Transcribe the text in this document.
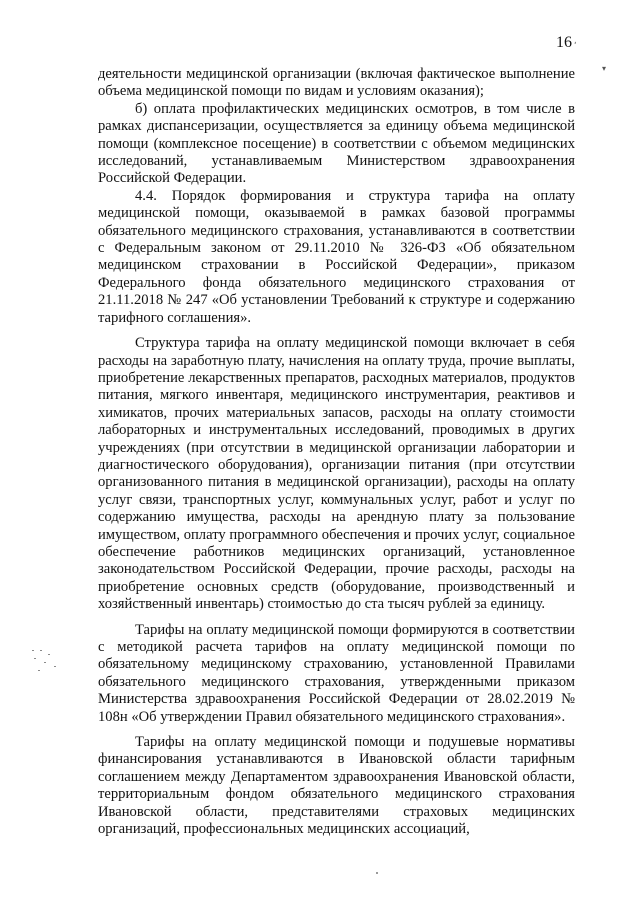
16 ʹ
▾

деятельности медицинской организации (включая фактическое выполнение объема медицинской помощи по видам и условиям оказания);

б) оплата профилактических медицинских осмотров, в том числе в рамках диспансеризации, осуществляется за единицу объема медицинской помощи (комплексное посещение) в соответствии с объемом медицинских исследований, устанавливаемым Министерством здравоохранения Российской Федерации.

4.4. Порядок формирования и структура тарифа на оплату медицинской помощи, оказываемой в рамках базовой программы обязательного медицинского страхования, устанавливаются в соответствии с Федеральным законом от 29.11.2010 № 326-ФЗ «Об обязательном медицинском страховании в Российской Федерации», приказом Федерального фонда обязательного медицинского страхования от 21.11.2018 № 247 «Об установлении Требований к структуре и содержанию тарифного соглашения».

Структура тарифа на оплату медицинской помощи включает в себя расходы на заработную плату, начисления на оплату труда, прочие выплаты, приобретение лекарственных препаратов, расходных материалов, продуктов питания, мягкого инвентаря, медицинского инструментария, реактивов и химикатов, прочих материальных запасов, расходы на оплату стоимости лабораторных и инструментальных исследований, проводимых в других учреждениях (при отсутствии в медицинской организации лаборатории и диагностического оборудования), организации питания (при отсутствии организованного питания в медицинской организации), расходы на оплату услуг связи, транспортных услуг, коммунальных услуг, работ и услуг по содержанию имущества, расходы на арендную плату за пользование имуществом, оплату программного обеспечения и прочих услуг, социальное обеспечение работников медицинских организаций, установленное законодательством Российской Федерации, прочие расходы, расходы на приобретение основных средств (оборудование, производственный и хозяйственный инвентарь) стоимостью до ста тысяч рублей за единицу.

Тарифы на оплату медицинской помощи формируются в соответствии с методикой расчета тарифов на оплату медицинской помощи по обязательному медицинскому страхованию, установленной Правилами обязательного медицинского страхования, утвержденными приказом Министерства здравоохранения Российской Федерации от 28.02.2019 № 108н «Об утверждении Правил обязательного медицинского страхования».

Тарифы на оплату медицинской помощи и подушевые нормативы финансирования устанавливаются в Ивановской области тарифным соглашением между Департаментом здравоохранения Ивановской области, территориальным фондом обязательного медицинского страхования Ивановской области, представителями страховых медицинских организаций, профессиональных медицинских ассоциаций,
